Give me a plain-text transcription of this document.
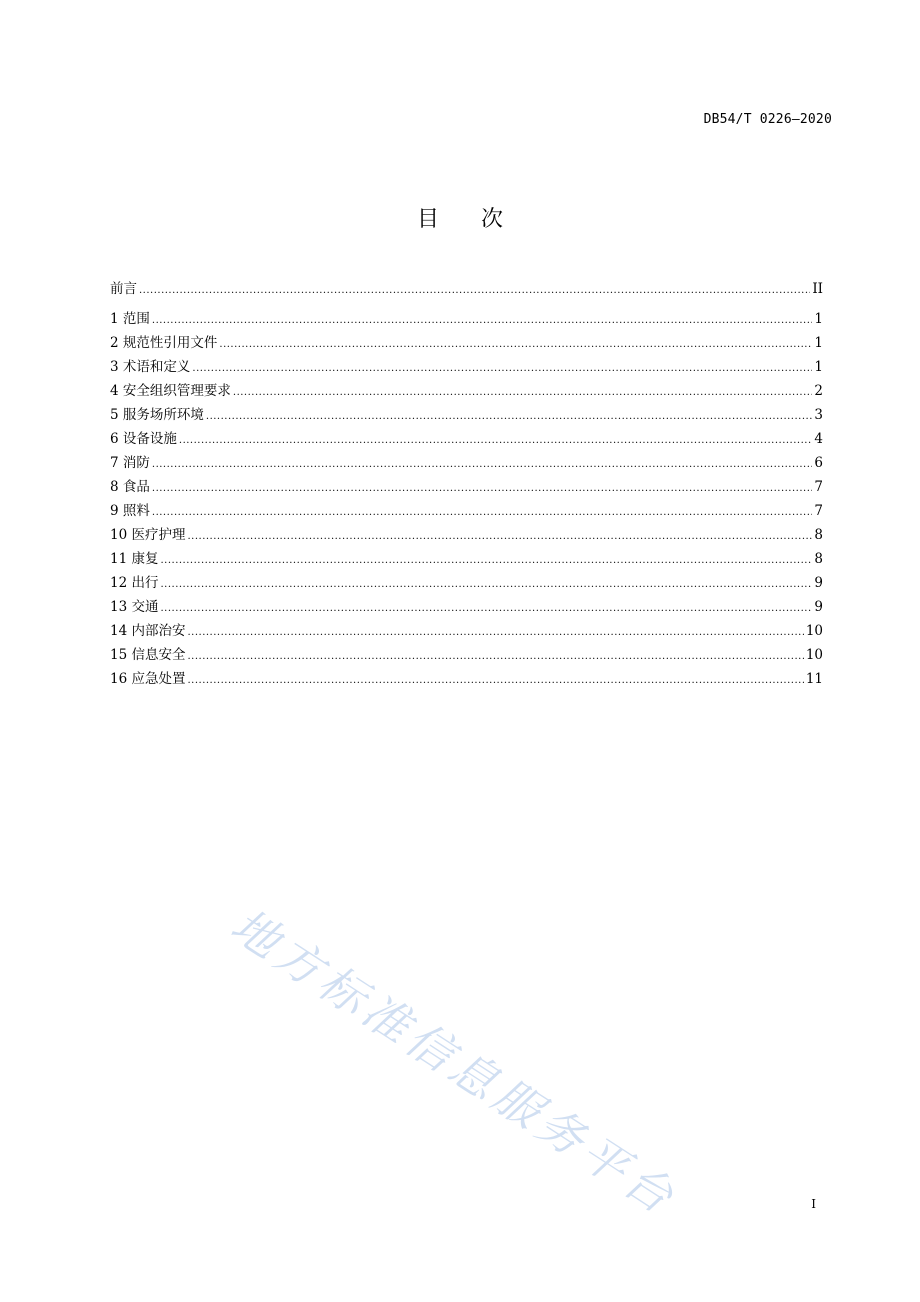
DB54/T 0226—2020
目次
前言 .....	II
1 范围 .....	1
2 规范性引用文件 .....	1
3 术语和定义 .....	1
4 安全组织管理要求 .....	2
5 服务场所环境 .....	3
6 设备设施 .....	4
7 消防 .....	6
8 食品 .....	7
9 照料 .....	7
10 医疗护理 .....	8
11 康复 .....	8
12 出行 .....	9
13 交通 .....	9
14 内部治安 .....	10
15 信息安全 .....	10
16 应急处置 .....	11
地方标准信息服务平台	I
